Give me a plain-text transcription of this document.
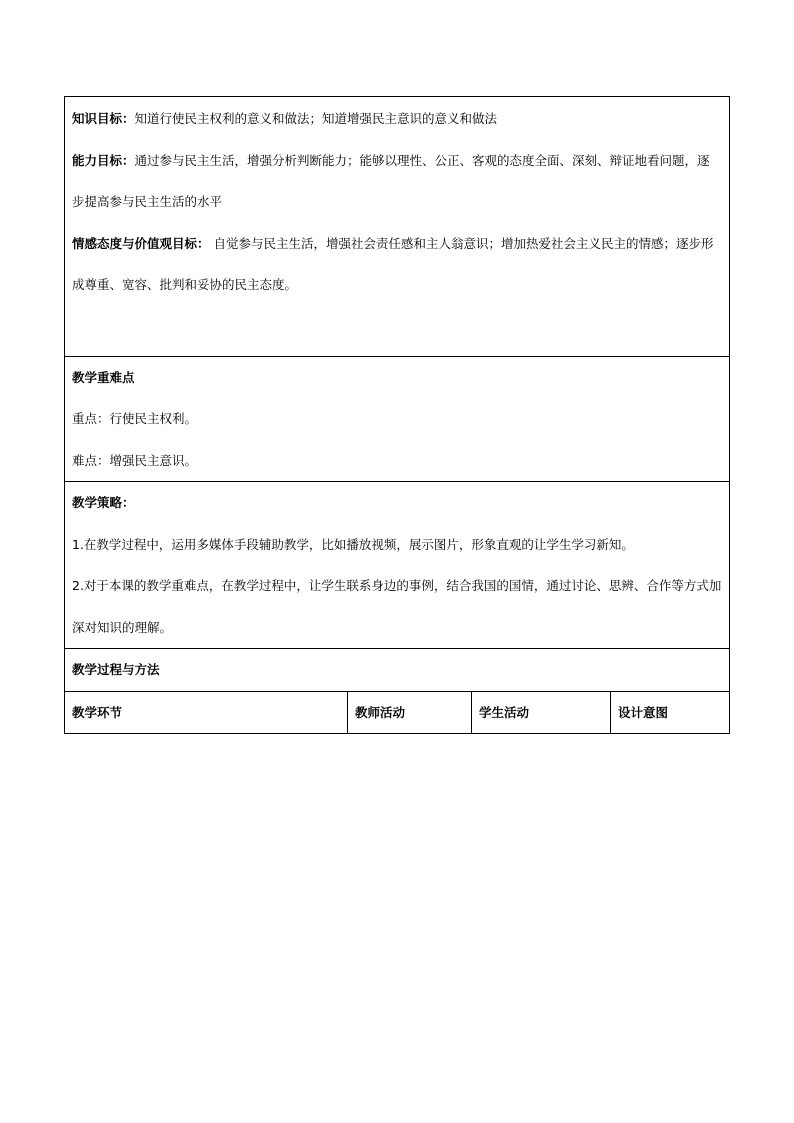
知识目标：知道行使民主权利的意义和做法；知道增强民主意识的意义和做法
能力目标：通过参与民主生活，增强分析判断能力；能够以理性、公正、客观的态度全面、深刻、辩证地看问题，逐步提高参与民主生活的水平
情感态度与价值观目标： 自觉参与民主生活，增强社会责任感和主人翁意识；增加热爱社会主义民主的情感；逐步形成尊重、宽容、批判和妥协的民主态度。

教学重难点
重点：行使民主权利。
难点：增强民主意识。

教学策略：
1.在教学过程中，运用多媒体手段辅助教学，比如播放视频，展示图片，形象直观的让学生学习新知。
2.对于本课的教学重难点，在教学过程中，让学生联系身边的事例，结合我国的国情，通过讨论、思辨、合作等方式加深对知识的理解。

教学过程与方法
教学环节	教师活动	学生活动	设计意图
